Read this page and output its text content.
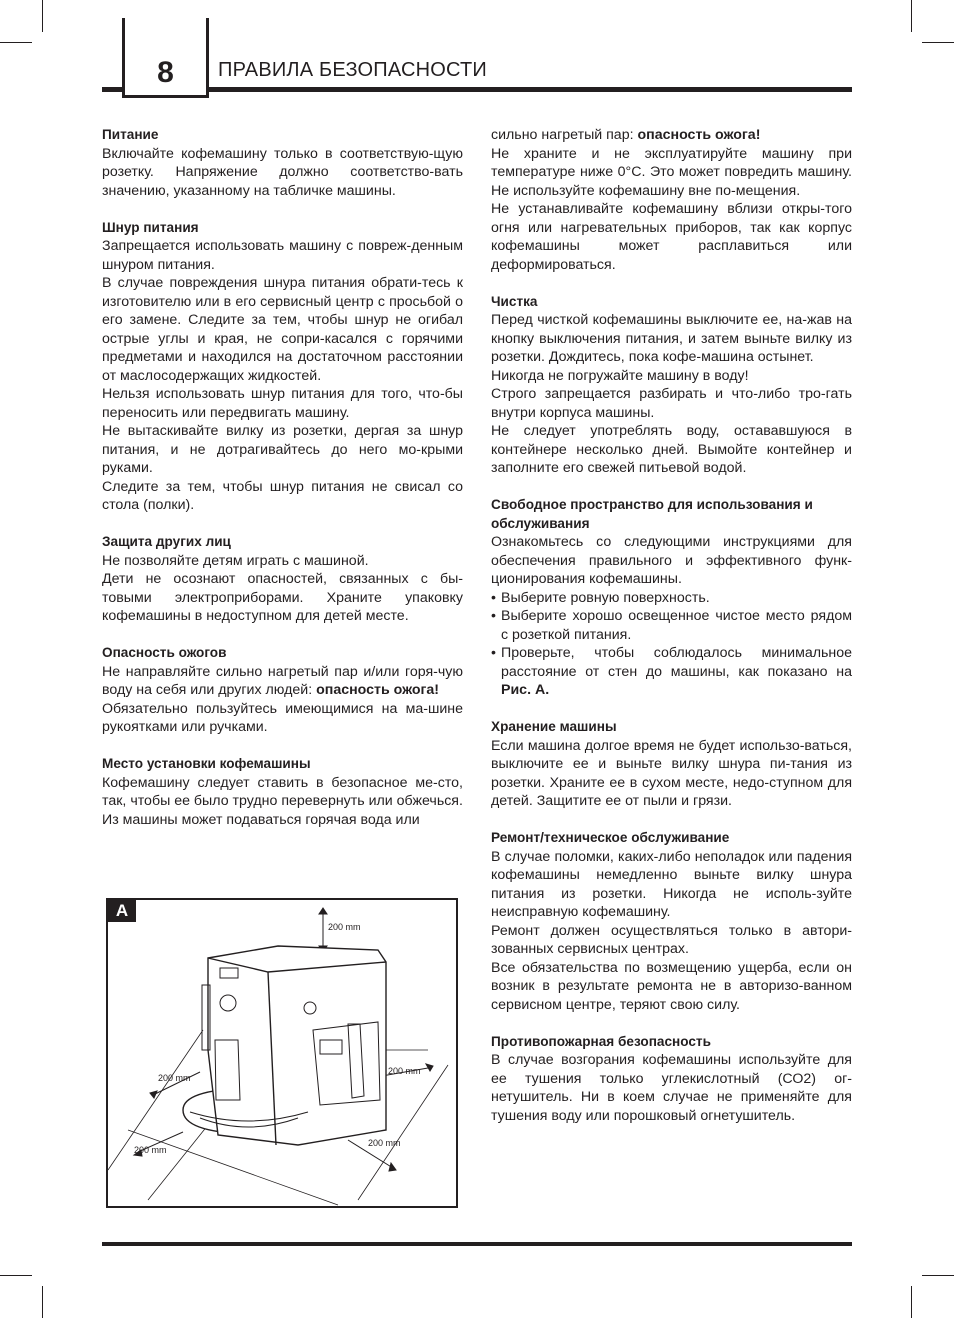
8	ПРАВИЛА БЕЗОПАСНОСТИ
Питание

Включайте кофемашину только в соответствую-щую розетку. Напряжение должно соответство-вать значению, указанному на табличке машины.

Шнур питания

Запрещается использовать машину с повреж-денным шнуром питания.

В случае повреждения шнура питания обрати-тесь к изготовителю или в его сервисный центр с просьбой о его замене. Следите за тем, чтобы шнур не огибал острые углы и края, не сопри-касался с горячими предметами и находился на достаточном расстоянии от маслосодержащих жидкостей.

Нельзя использовать шнур питания для того, что-бы переносить или передвигать машину.

Не вытаскивайте вилку из розетки, дергая за шнур питания, и не дотрагивайтесь до него мо-крыми руками.

Следите за тем, чтобы шнур питания не свисал со стола (полки).

Защита других лиц

Не позволяйте детям играть с машиной.

Дети не осознают опасностей, связанных с бы-товыми электроприборами. Храните упаковку кофемашины в недоступном для детей месте.

Опасность ожогов

Не направляйте сильно нагретый пар и/или горя-чую воду на себя или других людей: опасность ожога!

Обязательно пользуйтесь имеющимися на ма-шине рукоятками или ручками.

Место установки кофемашины

Кофемашину следует ставить в безопасное ме-сто, так, чтобы ее было трудно перевернуть или обжечься.

Из машины может подаваться горячая вода или

200 mm
200 mm
200 mm
200 mm
200 mm
A

сильно нагретый пар: опасность ожога!

Не храните и не эксплуатируйте машину при температуре ниже 0°С. Это может повредить машину. Не используйте кофемашину вне по-мещения.

Не устанавливайте кофемашину вблизи откры-того огня или нагревательных приборов, так как корпус кофемашины может расплавиться или деформироваться.

Чистка

Перед чисткой кофемашины выключите ее, на-жав на кнопку выключения питания, и затем выньте вилку из розетки. Дождитесь, пока кофе-машина остынет.

Никогда не погружайте машину в воду!

Строго запрещается разбирать и что-либо тро-гать внутри корпуса машины.

Не следует употреблять воду, остававшуюся в контейнере несколько дней. Вымойте контейнер и заполните его свежей питьевой водой.

Свободное пространство для использования и обслуживания

Ознакомьтесь со следующими инструкциями для обеспечения правильного и эффективного функ-ционирования кофемашины.

• Выберите ровную поверхность.
• Выберите хорошо освещенное чистое место рядом с розеткой питания.
• Проверьте, чтобы соблюдалось минимальное расстояние от стен до машины, как показано на Рис. А.
Хранение машины

Если машина долгое время не будет использо-ваться, выключите ее и выньте вилку шнура пи-тания из розетки. Храните ее в сухом месте, недо-ступном для детей. Защитите ее от пыли и грязи.

Ремонт/техническое обслуживание

В случае поломки, каких-либо неполадок или падения кофемашины немедленно выньте вилку шнура питания из розетки. Никогда не исполь-зуйте неисправную кофемашину.

Ремонт должен осуществляться только в автори-зованных сервисных центрах.

Все обязательства по возмещению ущерба, если он возник в результате ремонта не в авторизо-ванном сервисном центре, теряют свою силу.

Противопожарная безопасность

В случае возгорания кофемашины используйте для ее тушения только углекислотный (СО2) ог-нетушитель. Ни в коем случае не применяйте для тушения воду или порошковый огнетушитель.
